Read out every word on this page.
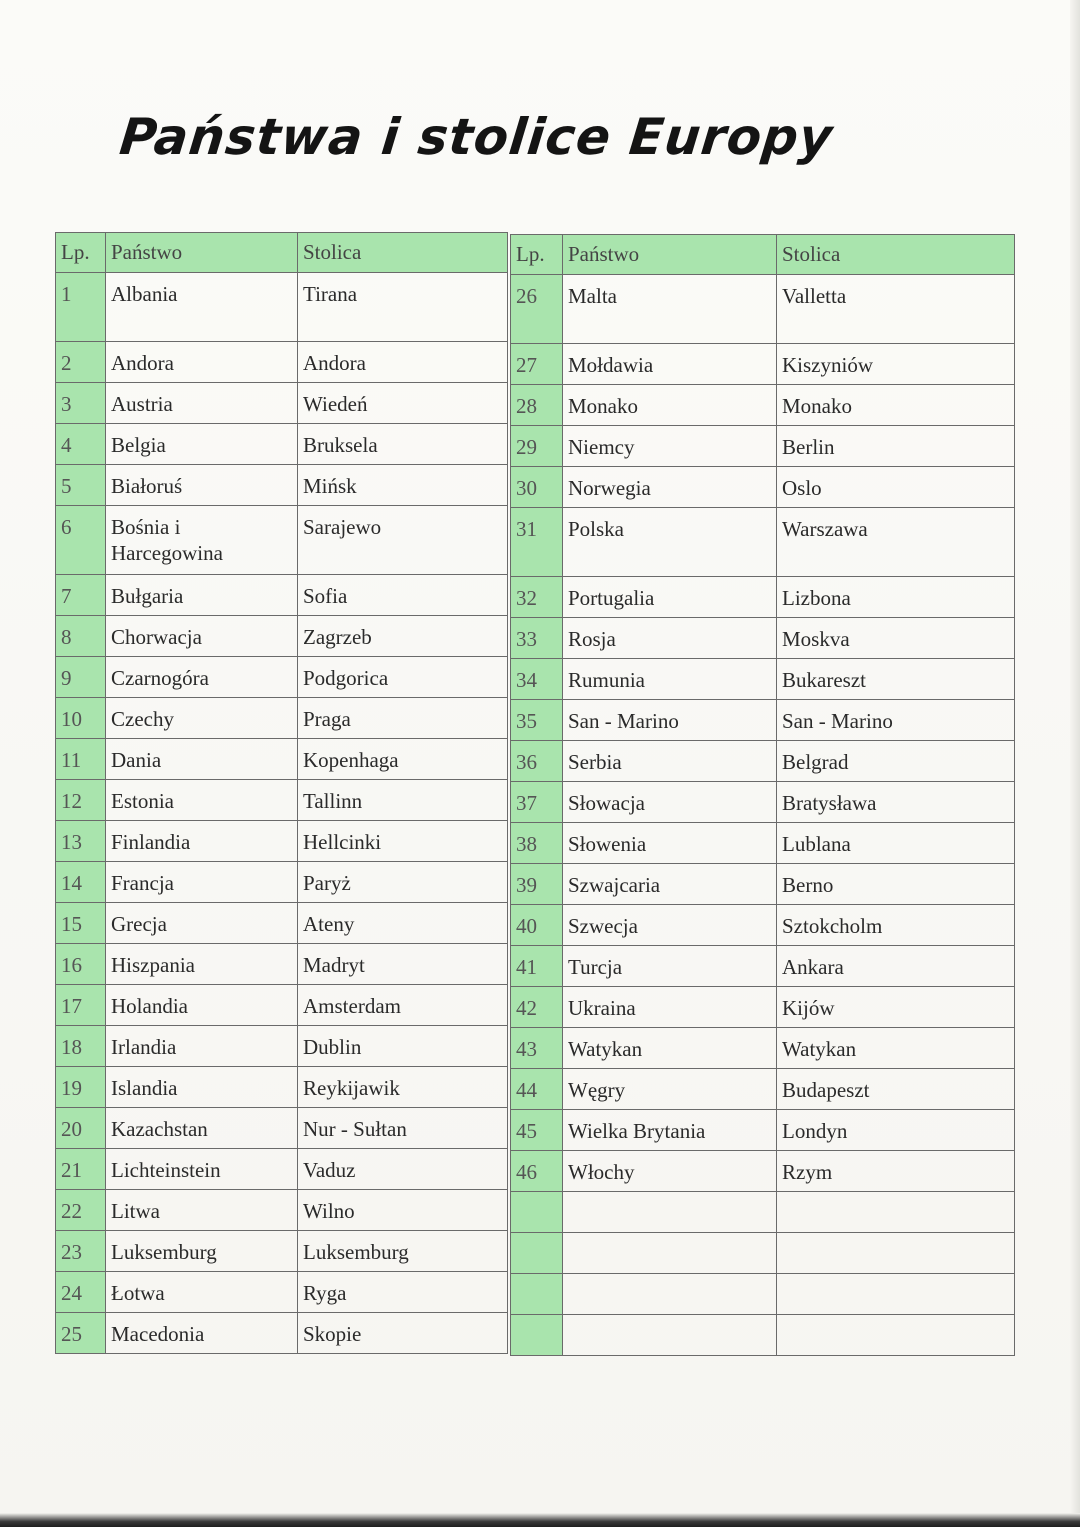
Państwa i stolice Europy
Lp.	Państwo	Stolica
1	Albania	Tirana
2	Andora	Andora
3	Austria	Wiedeń
4	Belgia	Bruksela
5	Białoruś	Mińsk
6	Bośnia i Harcegowina	Sarajewo
7	Bułgaria	Sofia
8	Chorwacja	Zagrzeb
9	Czarnogóra	Podgorica
10	Czechy	Praga
11	Dania	Kopenhaga
12	Estonia	Tallinn
13	Finlandia	Hellcinki
14	Francja	Paryż
15	Grecja	Ateny
16	Hiszpania	Madryt
17	Holandia	Amsterdam
18	Irlandia	Dublin
19	Islandia	Reykijawik
20	Kazachstan	Nur - Sułtan
21	Lichteinstein	Vaduz
22	Litwa	Wilno
23	Luksemburg	Luksemburg
24	Łotwa	Ryga
25	Macedonia	Skopie
Lp.	Państwo	Stolica
26	Malta	Valletta
27	Mołdawia	Kiszyniów
28	Monako	Monako
29	Niemcy	Berlin
30	Norwegia	Oslo
31	Polska	Warszawa
32	Portugalia	Lizbona
33	Rosja	Moskva
34	Rumunia	Bukareszt
35	San - Marino	San - Marino
36	Serbia	Belgrad
37	Słowacja	Bratysława
38	Słowenia	Lublana
39	Szwajcaria	Berno
40	Szwecja	Sztokcholm
41	Turcja	Ankara
42	Ukraina	Kijów
43	Watykan	Watykan
44	Węgry	Budapeszt
45	Wielka Brytania	Londyn
46	Włochy	Rzym
